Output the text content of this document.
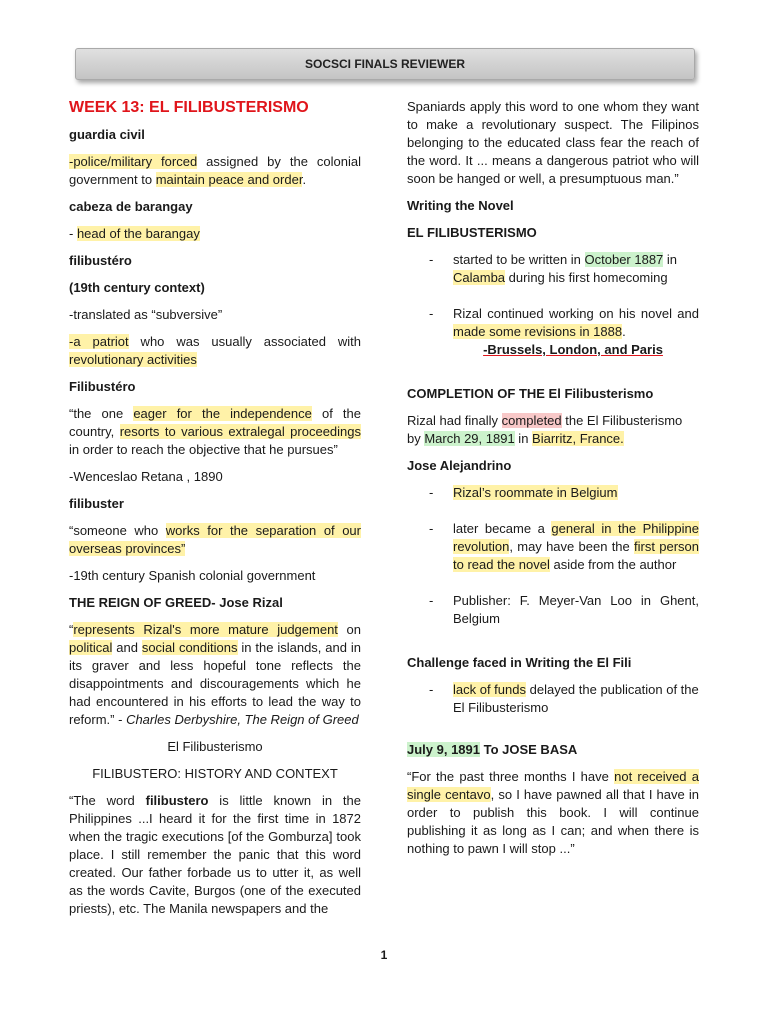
SOCSCI FINALS REVIEWER
WEEK 13: EL FILIBUSTERISMO
guardia civil
-police/military forced assigned by the colonial government to maintain peace and order.
cabeza de barangay
- head of the barangay
filibustéro
(19th century context)
-translated as “subversive”
-a patriot who was usually associated with revolutionary activities
Filibustéro
“the one eager for the independence of the country, resorts to various extralegal proceedings in order to reach the objective that he pursues”
-Wenceslao Retana , 1890
filibuster
“someone who works for the separation of our overseas provinces”
-19th century Spanish colonial government
THE REIGN OF GREED- Jose Rizal
“represents Rizal's more mature judgement on political and social conditions in the islands, and in its graver and less hopeful tone reflects the disappointments and discouragements which he had encountered in his efforts to lead the way to reform.” - Charles Derbyshire, The Reign of Greed
El Filibusterismo
FILIBUSTERO: HISTORY AND CONTEXT
“The word filibustero is little known in the Philippines ...I heard it for the first time in 1872 when the tragic executions [of the Gomburza] took place. I still remember the panic that this word created. Our father forbade us to utter it, as well as the words Cavite, Burgos (one of the executed priests), etc. The Manila newspapers and the
Spaniards apply this word to one whom they want to make a revolutionary suspect. The Filipinos belonging to the educated class fear the reach of the word. It ... means a dangerous patriot who will soon be hanged or well, a presumptuous man.”
Writing the Novel
EL FILIBUSTERISMO
- started to be written in October 1887 in Calamba during his first homecoming
- Rizal continued working on his novel and made some revisions in 1888.
-Brussels, London, and Paris
COMPLETION OF THE El Filibusterismo
Rizal had finally completed the El Filibusterismo by March 29, 1891 in Biarritz, France.
Jose Alejandrino
- Rizal’s roommate in Belgium
- later became a general in the Philippine revolution, may have been the first person to read the novel aside from the author
- Publisher: F. Meyer-Van Loo in Ghent, Belgium
Challenge faced in Writing the El Fili
- lack of funds delayed the publication of the El Filibusterismo
July 9, 1891 To JOSE BASA
“For the past three months I have not received a single centavo, so I have pawned all that I have in order to publish this book. I will continue publishing it as long as I can; and when there is nothing to pawn I will stop ...”
1
